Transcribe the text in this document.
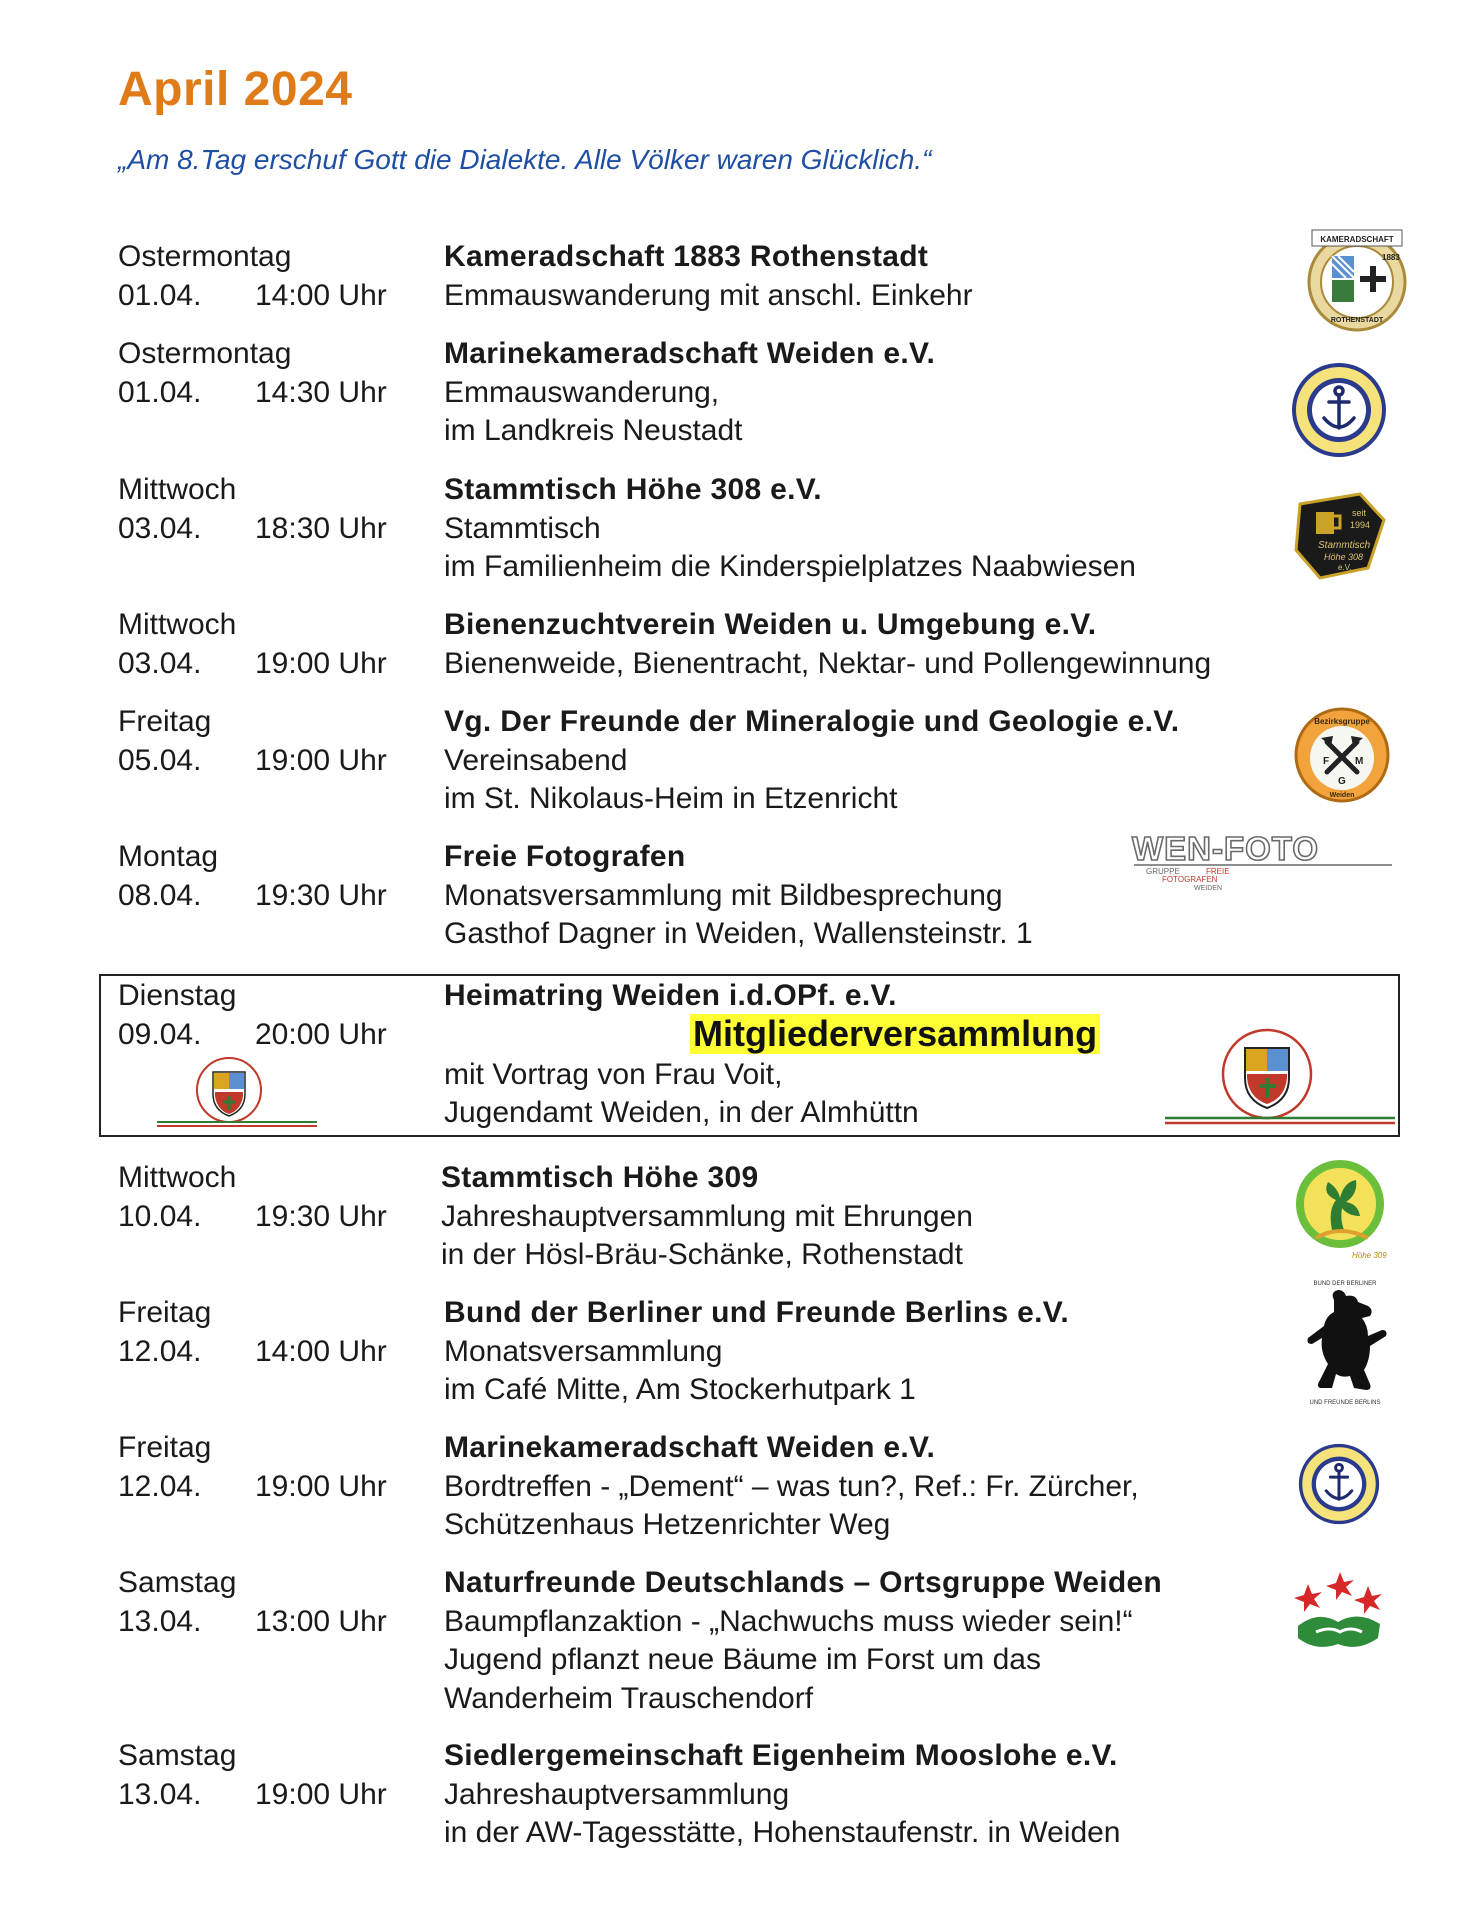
April 2024
„Am 8.Tag erschuf Gott die Dialekte. Alle Völker waren Glücklich.“
Ostermontag
01.04. 14:00 Uhr
Kameradschaft 1883 Rothenstadt
Emmauswanderung mit anschl. Einkehr
Ostermontag
01.04. 14:30 Uhr
Marinekameradschaft Weiden e.V.
Emmauswanderung,
im Landkreis Neustadt
Mittwoch
03.04. 18:30 Uhr
Stammtisch Höhe 308 e.V.
Stammtisch
im Familienheim die Kinderspielplatzes Naabwiesen
Mittwoch
03.04. 19:00 Uhr
Bienenzuchtverein Weiden u. Umgebung e.V.
Bienenweide, Bienentracht, Nektar- und Pollengewinnung
Freitag
05.04. 19:00 Uhr
Vg. Der Freunde der Mineralogie und Geologie e.V.
Vereinsabend
im St. Nikolaus-Heim in Etzenricht
Montag
08.04. 19:30 Uhr
Freie Fotografen
Monatsversammlung mit Bildbesprechung
Gasthof Dagner in Weiden, Wallensteinstr. 1
Dienstag
09.04. 20:00 Uhr
Heimatring Weiden i.d.OPf. e.V.
Mitgliederversammlung
mit Vortrag von Frau Voit,
Jugendamt Weiden, in der Almhüttn
Mittwoch
10.04. 19:30 Uhr
Stammtisch Höhe 309
Jahreshauptversammlung mit Ehrungen
in der Hösl-Bräu-Schänke, Rothenstadt
Freitag
12.04. 14:00 Uhr
Bund der Berliner und Freunde Berlins e.V.
Monatsversammlung
im Café Mitte, Am Stockerhutpark 1
Freitag
12.04. 19:00 Uhr
Marinekameradschaft Weiden e.V.
Bordtreffen - „Dement“ – was tun?, Ref.: Fr. Zürcher,
Schützenhaus Hetzenrichter Weg
Samstag
13.04. 13:00 Uhr
Naturfreunde Deutschlands – Ortsgruppe Weiden
Baumpflanzaktion - „Nachwuchs muss wieder sein!“
Jugend pflanzt neue Bäume im Forst um das
Wanderheim Trauschendorf
Samstag
13.04. 19:00 Uhr
Siedlergemeinschaft Eigenheim Mooslohe e.V.
Jahreshauptversammlung
in der AW-Tagesstätte, Hohenstaufenstr. in Weiden
KAMERADSCHAFT
1883
ROTHENSTADT
seit
1994
Stammtisch
Höhe 308
e.V.
Bezirksgruppe
F	M
G
Weiden
WEN-FOTO
GRUPPE	FREIE
FOTOGRAFEN
WEIDEN
Höhe 309
BUND DER BERLINER
UND FREUNDE BERLINS
